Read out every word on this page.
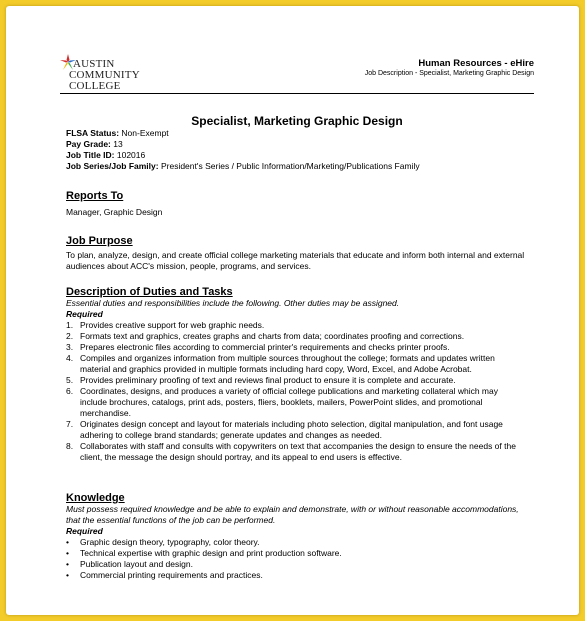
AUSTIN
COMMUNITY
COLLEGE
Human Resources - eHire
Job Description - Specialist, Marketing Graphic Design
Specialist, Marketing Graphic Design
FLSA Status: Non-Exempt
Pay Grade: 13
Job Title ID: 102016
Job Series/Job Family: President's Series / Public Information/Marketing/Publications Family
Reports To

Manager, Graphic Design

Job Purpose

To plan, analyze, design, and create official college marketing materials that educate and inform both internal and external audiences about ACC's mission, people, programs, and services.

Description of Duties and Tasks

Essential duties and responsibilities include the following. Other duties may be assigned.

Required

1. Provides creative support for web graphic needs.
2. Formats text and graphics, creates graphs and charts from data; coordinates proofing and corrections.
3. Prepares electronic files according to commercial printer's requirements and checks printer proofs.
4. Compiles and organizes information from multiple sources throughout the college; formats and updates written material and graphics provided in multiple formats including hard copy, Word, Excel, and Adobe Acrobat.
5. Provides preliminary proofing of text and reviews final product to ensure it is complete and accurate.
6. Coordinates, designs, and produces a variety of official college publications and marketing collateral which may include brochures, catalogs, print ads, posters, fliers, booklets, mailers, PowerPoint slides, and promotional merchandise.
7. Originates design concept and layout for materials including photo selection, digital manipulation, and font usage adhering to college brand standards; generate updates and changes as needed.
8. Collaborates with staff and consults with copywriters on text that accompanies the design to ensure the needs of the client, the message the design should portray, and its appeal to end users is effective.
Knowledge

Must possess required knowledge and be able to explain and demonstrate, with or without reasonable accommodations, that the essential functions of the job can be performed.

Required

• Graphic design theory, typography, color theory.
• Technical expertise with graphic design and print production software.
• Publication layout and design.
• Commercial printing requirements and practices.
